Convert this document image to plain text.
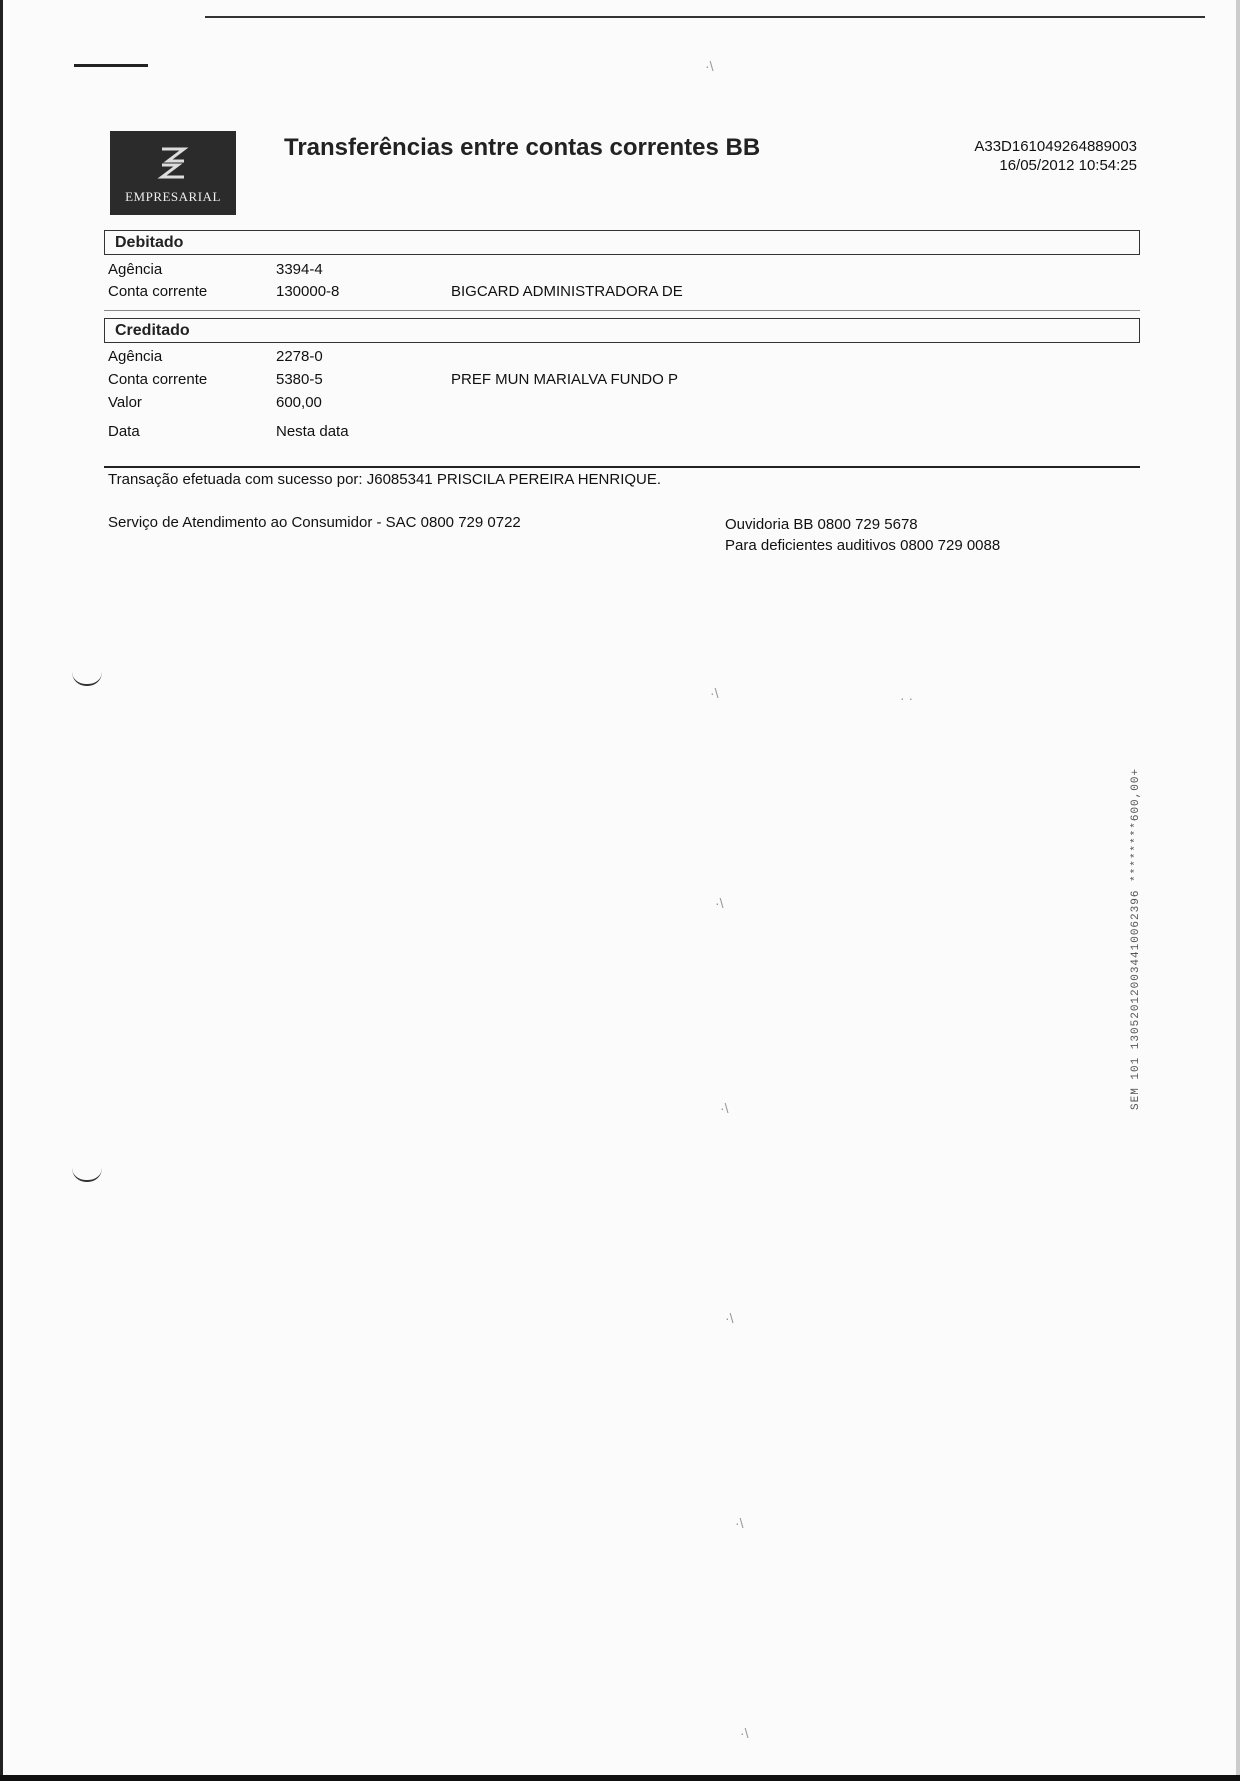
EMPRESARIAL
Transferências entre contas correntes BB	A33D161049264889003
16/05/2012 10:54:25
Debitado
Agência	3394-4
Conta corrente	130000-8	BIGCARD ADMINISTRADORA DE
Creditado
Agência	2278-0
Conta corrente	5380-5	PREF MUN MARIALVA FUNDO P
Valor	600,00
Data	Nesta data
Transação efetuada com sucesso por: J6085341 PRISCILA PEREIRA HENRIQUE.
Serviço de Atendimento ao Consumidor - SAC 0800 729 0722	Ouvidoria BB 0800 729 5678
Para deficientes auditivos 0800 729 0088
SEM 101 130520120034410062396 ********600,00+
·\
·\	· ·
·\
·\
·\
·\
·\
